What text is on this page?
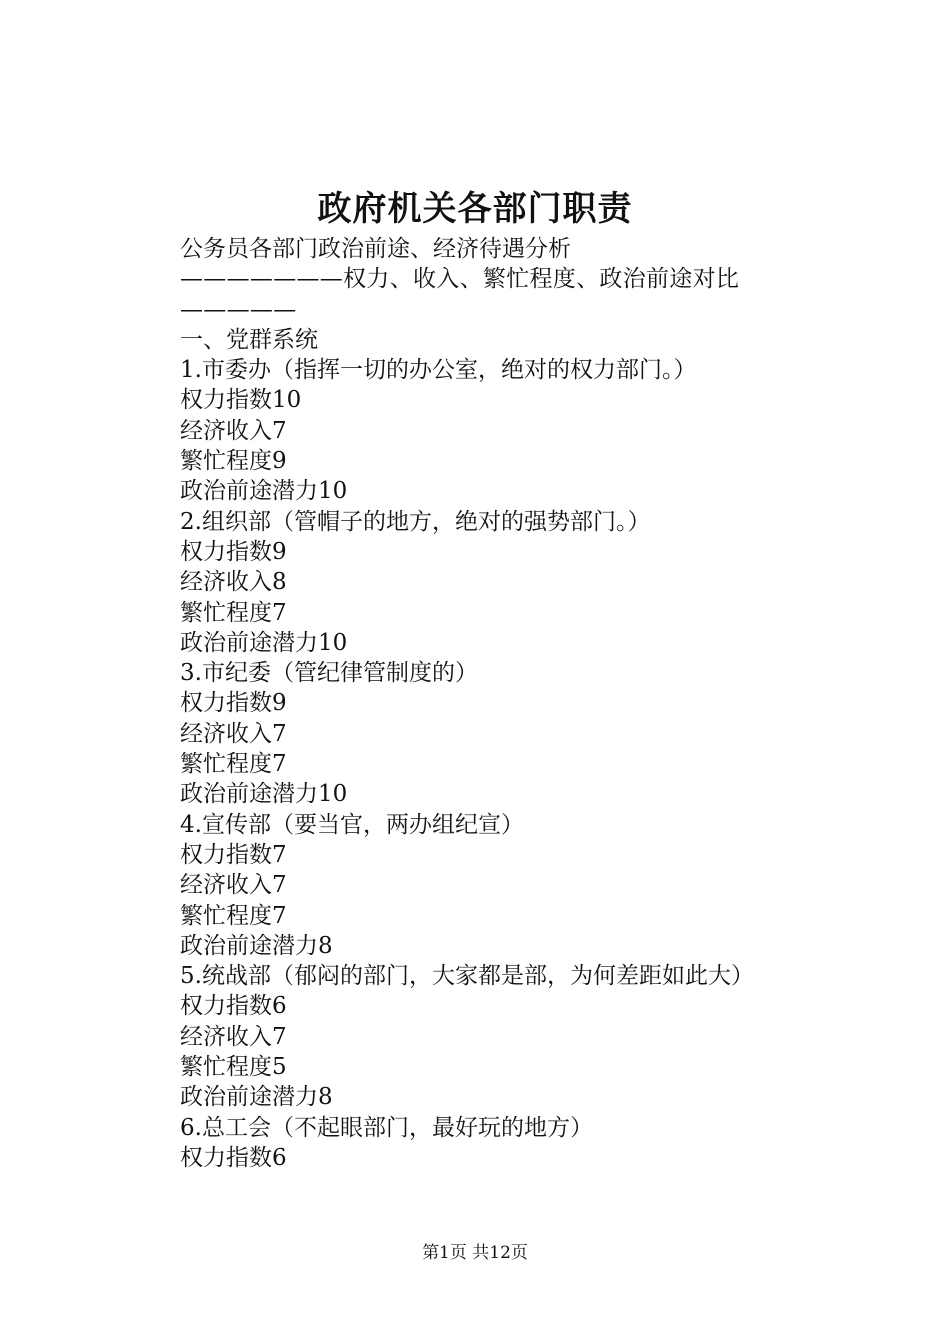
政府机关各部门职责
公务员各部门政治前途、经济待遇分析
———————权力、收入、繁忙程度、政治前途对比—————
一、党群系统
1.市委办（指挥一切的办公室，绝对的权力部门。）
权力指数10
经济收入7
繁忙程度9
政治前途潜力10
2.组织部（管帽子的地方，绝对的强势部门。）
权力指数9
经济收入8
繁忙程度7
政治前途潜力10
3.市纪委（管纪律管制度的）
权力指数9
经济收入7
繁忙程度7
政治前途潜力10
4.宣传部（要当官，两办组纪宣）
权力指数7
经济收入7
繁忙程度7
政治前途潜力8
5.统战部（郁闷的部门，大家都是部，为何差距如此大）
权力指数6
经济收入7
繁忙程度5
政治前途潜力8
6.总工会（不起眼部门，最好玩的地方）
权力指数6
第1页 共12页
